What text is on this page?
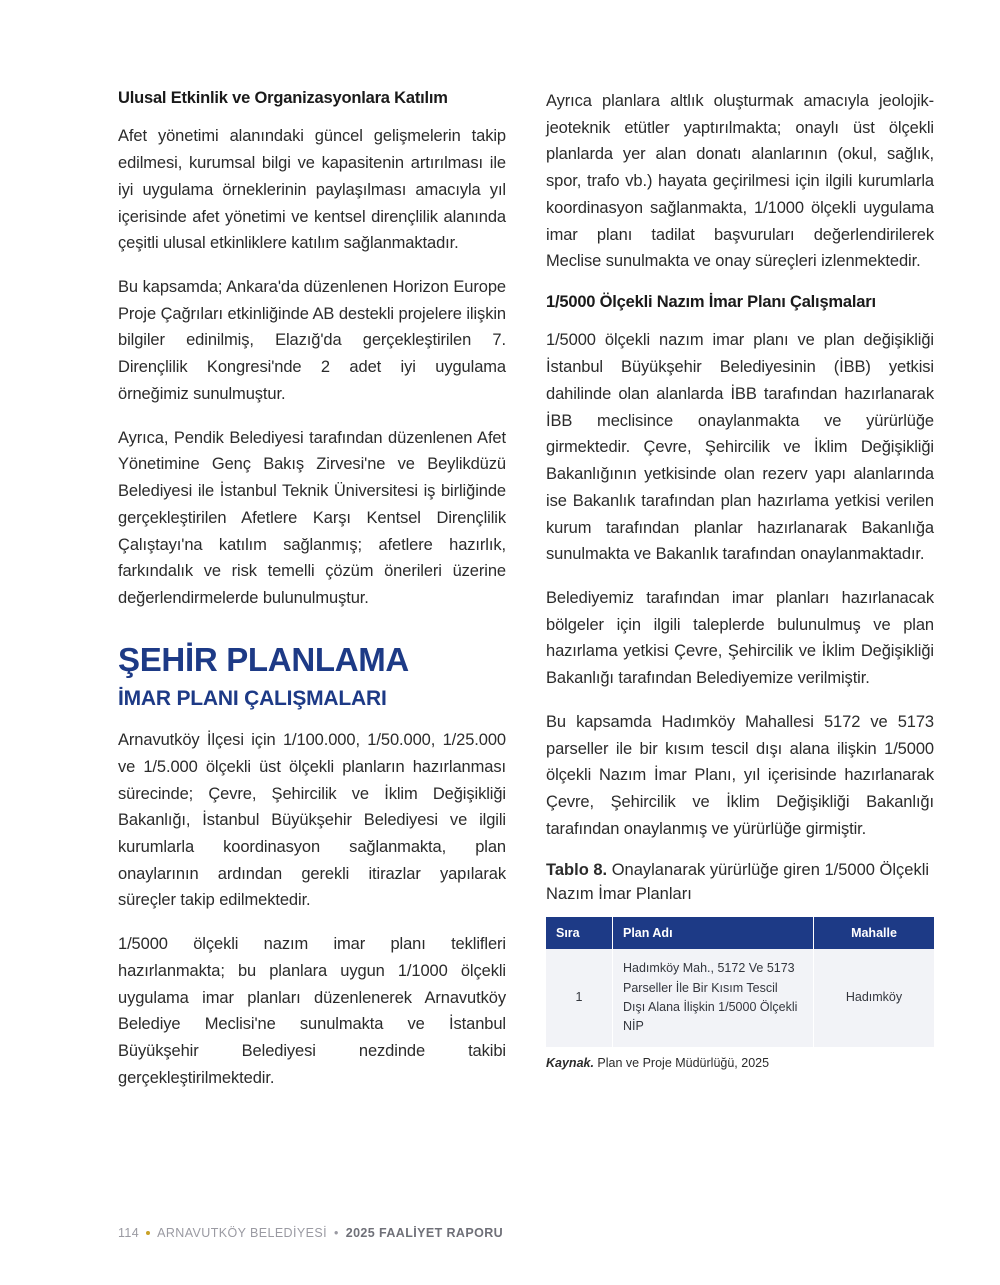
Ulusal Etkinlik ve Organizasyonlara Katılım

Afet yönetimi alanındaki güncel gelişmelerin takip edilmesi, kurumsal bilgi ve kapasitenin artırılması ile iyi uygulama örneklerinin paylaşılması amacıyla yıl içerisinde afet yönetimi ve kentsel dirençlilik alanında çeşitli ulusal etkinliklere katılım sağlanmaktadır.

Bu kapsamda; Ankara'da düzenlenen Horizon Europe Proje Çağrıları etkinliğinde AB destekli projelere ilişkin bilgiler edinilmiş, Elazığ'da gerçekleştirilen 7. Dirençlilik Kongresi'nde 2 adet iyi uygulama örneğimiz sunulmuştur.

Ayrıca, Pendik Belediyesi tarafından düzenlenen Afet Yönetimine Genç Bakış Zirvesi'ne ve Beylikdüzü Belediyesi ile İstanbul Teknik Üniversitesi iş birliğinde gerçekleştirilen Afetlere Karşı Kentsel Dirençlilik Çalıştayı'na katılım sağlanmış; afetlere hazırlık, farkındalık ve risk temelli çözüm önerileri üzerine değerlendirmelerde bulunulmuştur.

ŞEHİR PLANLAMA
İMAR PLANI ÇALIŞMALARI

Arnavutköy İlçesi için 1/100.000, 1/50.000, 1/25.000 ve 1/5.000 ölçekli üst ölçekli planların hazırlanması sürecinde; Çevre, Şehircilik ve İklim Değişikliği Bakanlığı, İstanbul Büyükşehir Belediyesi ve ilgili kurumlarla koordinasyon sağlanmakta, plan onaylarının ardından gerekli itirazlar yapılarak süreçler takip edilmektedir.

1/5000 ölçekli nazım imar planı teklifleri hazırlanmakta; bu planlara uygun 1/1000 ölçekli uygulama imar planları düzenlenerek Arnavutköy Belediye Meclisi'ne sunulmakta ve İstanbul Büyükşehir Belediyesi nezdinde takibi gerçekleştirilmektedir.

Ayrıca planlara altlık oluşturmak amacıyla jeolojik-jeoteknik etütler yaptırılmakta; onaylı üst ölçekli planlarda yer alan donatı alanlarının (okul, sağlık, spor, trafo vb.) hayata geçirilmesi için ilgili kurumlarla koordinasyon sağlanmakta, 1/1000 ölçekli uygulama imar planı tadilat başvuruları değerlendirilerek Meclise sunulmakta ve onay süreçleri izlenmektedir.

1/5000 Ölçekli Nazım İmar Planı Çalışmaları

1/5000 ölçekli nazım imar planı ve plan değişikliği İstanbul Büyükşehir Belediyesinin (İBB) yetkisi dahilinde olan alanlarda İBB tarafından hazırlanarak İBB meclisince onaylanmakta ve yürürlüğe girmektedir. Çevre, Şehircilik ve İklim Değişikliği Bakanlığının yetkisinde olan rezerv yapı alanlarında ise Bakanlık tarafından plan hazırlama yetkisi verilen kurum tarafından planlar hazırlanarak Bakanlığa sunulmakta ve Bakanlık tarafından onaylanmaktadır.

Belediyemiz tarafından imar planları hazırlanacak bölgeler için ilgili taleplerde bulunulmuş ve plan hazırlama yetkisi Çevre, Şehircilik ve İklim Değişikliği Bakanlığı tarafından Belediyemize verilmiştir.

Bu kapsamda Hadımköy Mahallesi 5172 ve 5173 parseller ile bir kısım tescil dışı alana ilişkin 1/5000 ölçekli Nazım İmar Planı, yıl içerisinde hazırlanarak Çevre, Şehircilik ve İklim Değişikliği Bakanlığı tarafından onaylanmış ve yürürlüğe girmiştir.

Tablo 8. Onaylanarak yürürlüğe giren 1/5000 Ölçekli Nazım İmar Planları
Sıra	Plan Adı	Mahalle
1	Hadımköy Mah., 5172 Ve 5173 Parseller İle Bir Kısım Tescil Dışı Alana İlişkin 1/5000 Ölçekli NİP	Hadımköy
Kaynak. Plan ve Proje Müdürlüğü, 2025
114 ARNAVUTKÖY BELEDİYESİ • 2025 FAALİYET RAPORU
